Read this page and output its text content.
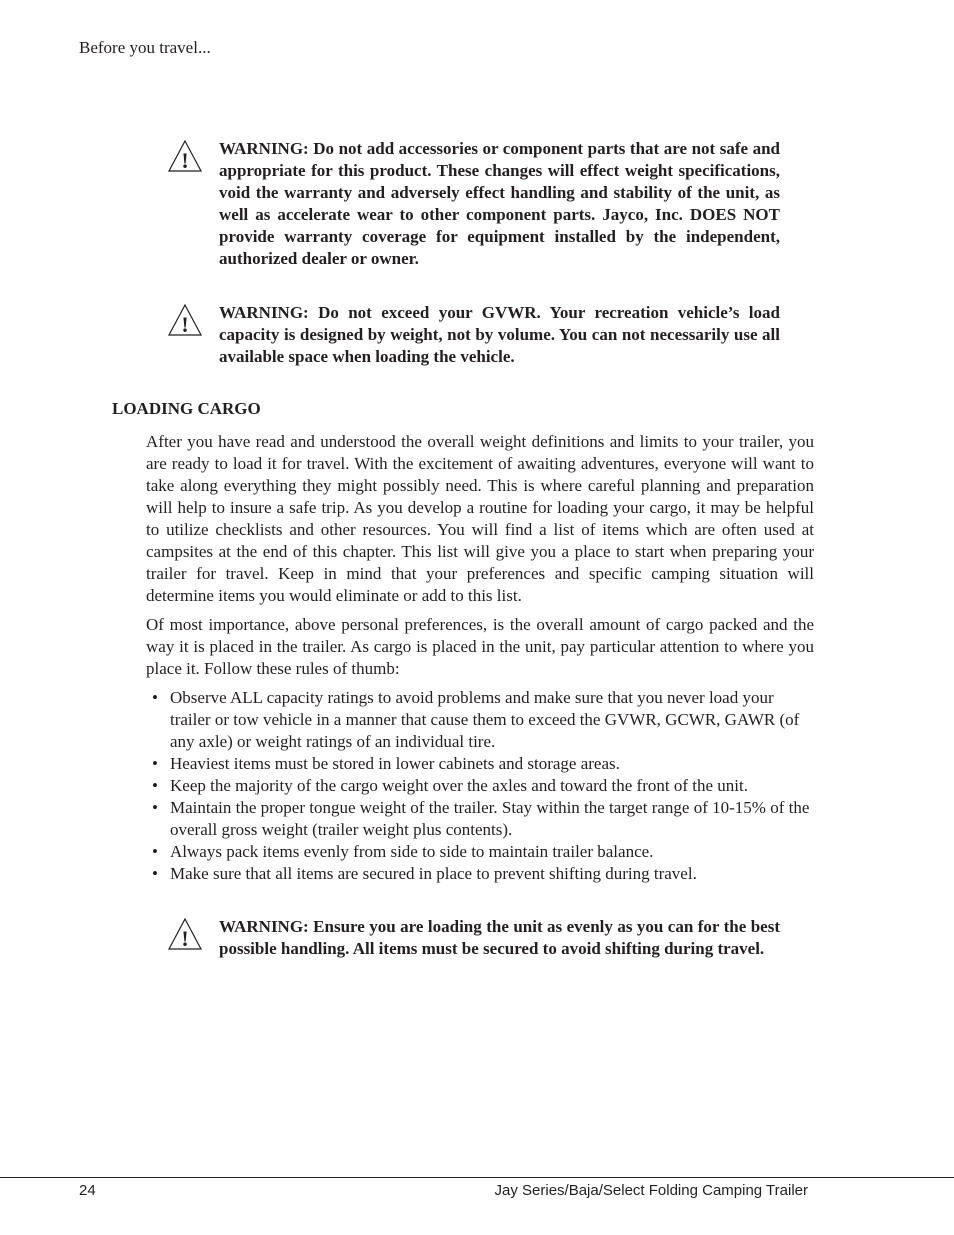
Before you travel...
! WARNING: Do not add accessories or component parts that are not safe and appropriate for this product. These changes will effect weight specifications, void the warranty and adversely effect handling and stability of the unit, as well as accelerate wear to other component parts. Jayco, Inc. DOES NOT provide warranty coverage for equipment installed by the independent, authorized dealer or owner.
! WARNING: Do not exceed your GVWR. Your recreation vehicle’s load capacity is designed by weight, not by volume. You can not necessarily use all available space when loading the vehicle.
LOADING CARGO

After you have read and understood the overall weight definitions and limits to your trailer, you are ready to load it for travel. With the excitement of awaiting adventures, everyone will want to take along everything they might possibly need. This is where careful planning and preparation will help to insure a safe trip. As you develop a routine for loading your cargo, it may be helpful to utilize checklists and other resources. You will find a list of items which are often used at campsites at the end of this chapter. This list will give you a place to start when preparing your trailer for travel. Keep in mind that your preferences and specific camping situation will determine items you would eliminate or add to this list.

Of most importance, above personal preferences, is the overall amount of cargo packed and the way it is placed in the trailer. As cargo is placed in the unit, pay particular attention to where you place it. Follow these rules of thumb:

• Observe ALL capacity ratings to avoid problems and make sure that you never load your trailer or tow vehicle in a manner that cause them to exceed the GVWR, GCWR, GAWR (of any axle) or weight ratings of an individual tire.
• Heaviest items must be stored in lower cabinets and storage areas.
• Keep the majority of the cargo weight over the axles and toward the front of the unit.
• Maintain the proper tongue weight of the trailer. Stay within the target range of 10-15% of the overall gross weight (trailer weight plus contents).
• Always pack items evenly from side to side to maintain trailer balance.
• Make sure that all items are secured in place to prevent shifting during travel.
! WARNING: Ensure you are loading the unit as evenly as you can for the best possible handling. All items must be secured to avoid shifting during travel.
24	Jay Series/Baja/Select Folding Camping Trailer
